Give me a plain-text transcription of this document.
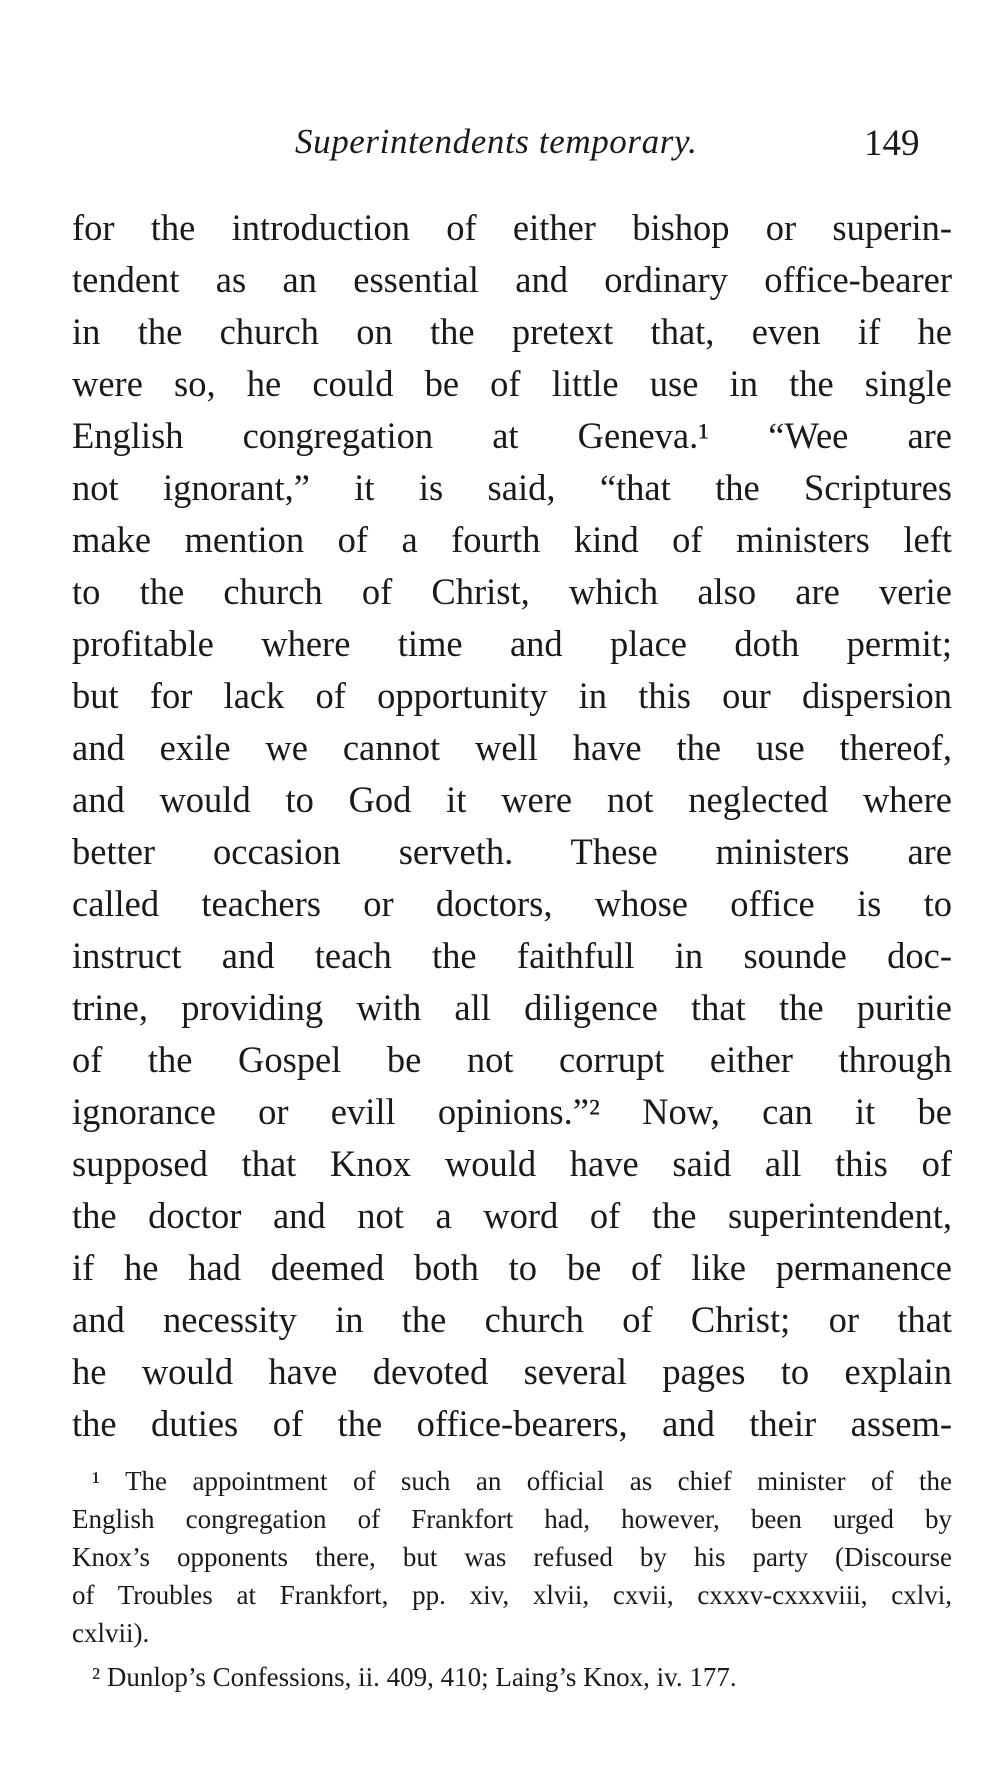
Superintendents temporary.	149
for the introduction of either bishop or superin-
tendent as an essential and ordinary office-bearer
in the church on the pretext that, even if he
were so, he could be of little use in the single
English congregation at Geneva.¹ “Wee are
not ignorant,” it is said, “that the Scriptures
make mention of a fourth kind of ministers left
to the church of Christ, which also are verie
profitable where time and place doth permit;
but for lack of opportunity in this our dispersion
and exile we cannot well have the use thereof,
and would to God it were not neglected where
better occasion serveth. These ministers are
called teachers or doctors, whose office is to
instruct and teach the faithfull in sounde doc-
trine, providing with all diligence that the puritie
of the Gospel be not corrupt either through
ignorance or evill opinions.”² Now, can it be
supposed that Knox would have said all this of
the doctor and not a word of the superintendent,
if he had deemed both to be of like permanence
and necessity in the church of Christ; or that
he would have devoted several pages to explain
the duties of the office-bearers, and their assem-
¹ The appointment of such an official as chief minister of the
English congregation of Frankfort had, however, been urged by
Knox’s opponents there, but was refused by his party (Discourse
of Troubles at Frankfort, pp. xiv, xlvii, cxvii, cxxxv-cxxxviii, cxlvi,
cxlvii).
² Dunlop’s Confessions, ii. 409, 410; Laing’s Knox, iv. 177.
